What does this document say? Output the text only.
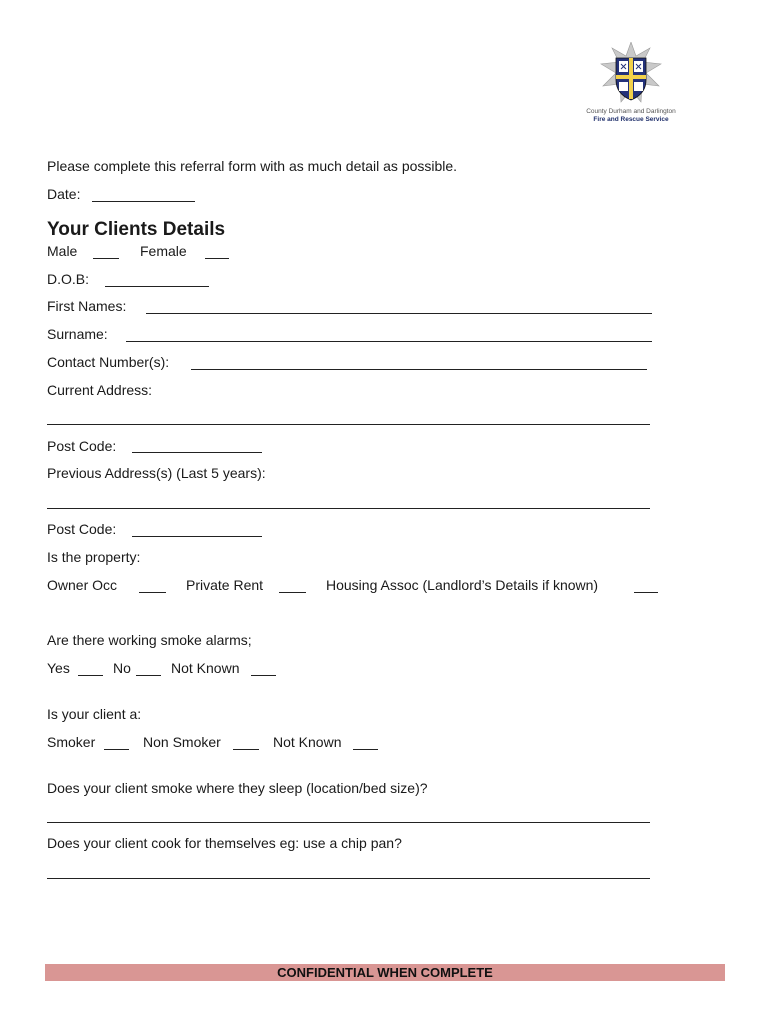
County Durham and Darlington
Fire and Rescue Service
Please complete this referral form with as much detail as possible.
Date:
Your Clients Details
Male	Female
D.O.B:
First Names:
Surname:
Contact Number(s):
Current Address:
Post Code:
Previous Address(s) (Last 5 years):
Post Code:
Is the property:
Owner Occ	Private Rent	Housing Assoc (Landlord’s Details if known)
Are there working smoke alarms;
Yes	No	Not Known
Is your client a:
Smoker	Non Smoker	Not Known
Does your client smoke where they sleep (location/bed size)?
Does your client cook for themselves eg: use a chip pan?
CONFIDENTIAL WHEN COMPLETE
